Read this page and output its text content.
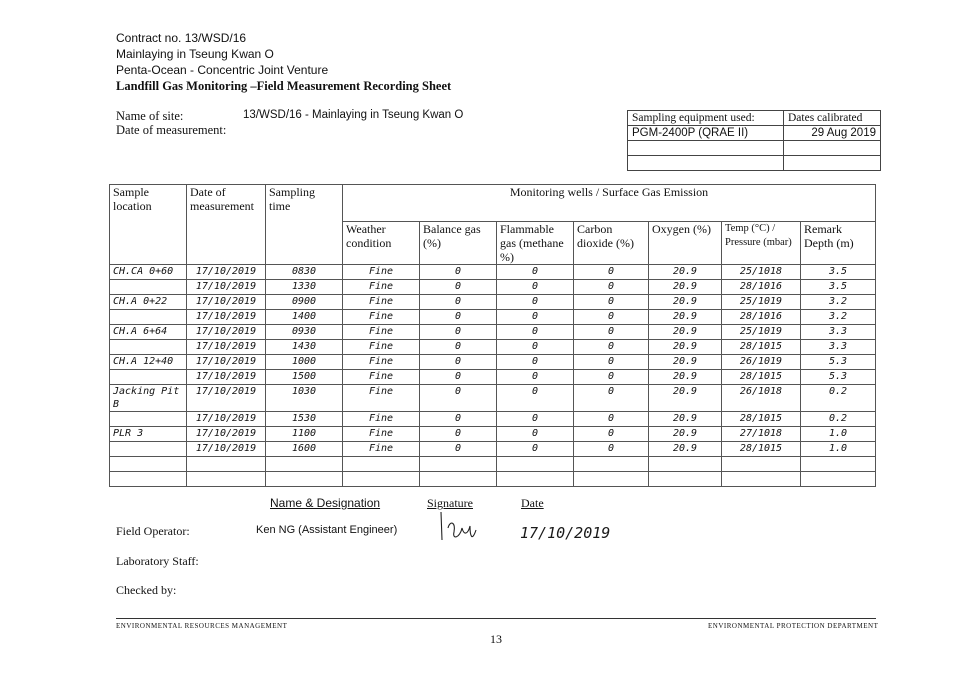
Contract no. 13/WSD/16
Mainlaying in Tseung Kwan O
Penta-Ocean - Concentric Joint Venture
Landfill Gas Monitoring –Field Measurement Recording Sheet
Name of site:
Date of measurement:
13/WSD/16 - Mainlaying in Tseung Kwan O	Sampling equipment used:	Dates calibrated
PGM-2400P (QRAE II)	29 Aug 2019

Sample location	Date of measurement	Sampling time	Monitoring wells / Surface Gas Emission						
			Weather condition	Balance gas (%)	Flammable gas (methane %)	Carbon dioxide (%)	Oxygen (%)	Temp (°C) / Pressure (mbar)	Remark Depth (m)
CH.CA 0+60	17/10/2019	0830	Fine	0	0	0	20.9	25/1018	3.5
	17/10/2019	1330	Fine	0	0	0	20.9	28/1016	3.5
CH.A 0+22	17/10/2019	0900	Fine	0	0	0	20.9	25/1019	3.2
	17/10/2019	1400	Fine	0	0	0	20.9	28/1016	3.2
CH.A 6+64	17/10/2019	0930	Fine	0	0	0	20.9	25/1019	3.3
	17/10/2019	1430	Fine	0	0	0	20.9	28/1015	3.3
CH.A 12+40	17/10/2019	1000	Fine	0	0	0	20.9	26/1019	5.3
	17/10/2019	1500	Fine	0	0	0	20.9	28/1015	5.3
Jacking Pit B	17/10/2019	1030	Fine	0	0	0	20.9	26/1018	0.2
	17/10/2019	1530	Fine	0	0	0	20.9	28/1015	0.2
PLR 3	17/10/2019	1100	Fine	0	0	0	20.9	27/1018	1.0
	17/10/2019	1600	Fine	0	0	0	20.9	28/1015	1.0

Name & Designation	Signature	Date
Field Operator:	Ken NG (Assistant Engineer)	17/10/2019
Laboratory Staff:
Checked by:
ENVIRONMENTAL RESOURCES MANAGEMENT	ENVIRONMENTAL PROTECTION DEPARTMENT
13
